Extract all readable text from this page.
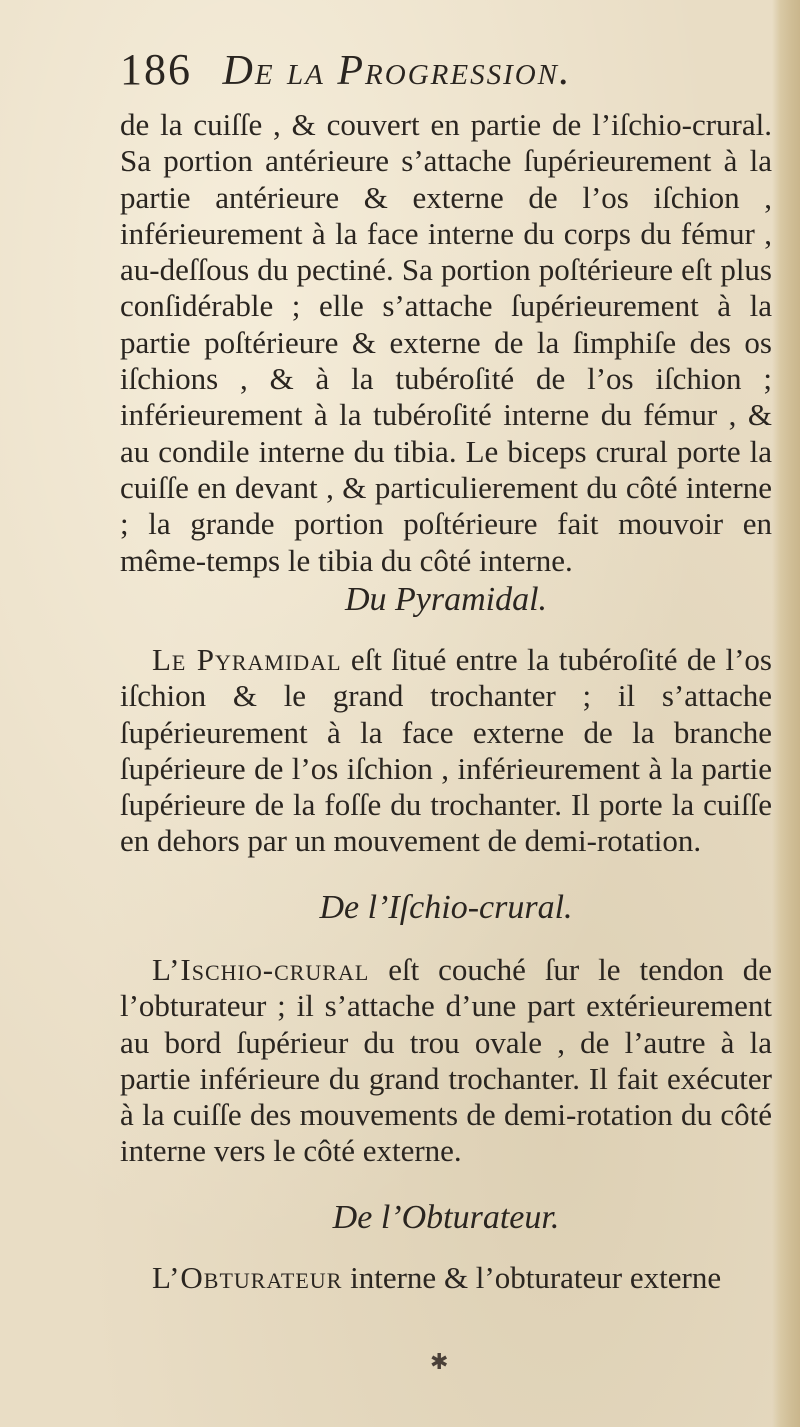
186 De la Progression.

de la cuiſſe , & couvert en partie de l’iſchio-crural. Sa portion antérieure s’attache ſupérieurement à la partie antérieure & externe de l’os iſchion , inférieurement à la face interne du corps du fémur , au-deſſous du pectiné. Sa portion poſtérieure eſt plus conſidérable ; elle s’attache ſupérieurement à la partie poſtérieure & externe de la ſimphiſe des os iſchions , & à la tubéroſité de l’os iſchion ; inférieurement à la tubéroſité interne du fémur , & au condile interne du tibia. Le biceps crural porte la cuiſſe en devant , & particulierement du côté interne ; la grande portion poſtérieure fait mouvoir en même-temps le tibia du côté interne.

Du Pyramidal.

Le Pyramidal eſt ſitué entre la tubéroſité de l’os iſchion & le grand trochanter ; il s’attache ſupérieurement à la face externe de la branche ſupérieure de l’os iſchion , inférieurement à la partie ſupérieure de la foſſe du trochanter. Il porte la cuiſſe en dehors par un mouvement de demi-rotation.

De l’Iſchio-crural.

L’Ischio-crural eſt couché ſur le tendon de l’obturateur ; il s’attache d’une part extérieurement au bord ſupérieur du trou ovale , de l’autre à la partie inférieure du grand trochanter. Il fait exécuter à la cuiſſe des mouvements de demi-rotation du côté interne vers le côté externe.

De l’Obturateur.

L’Obturateur interne & l’obturateur externe

✱
